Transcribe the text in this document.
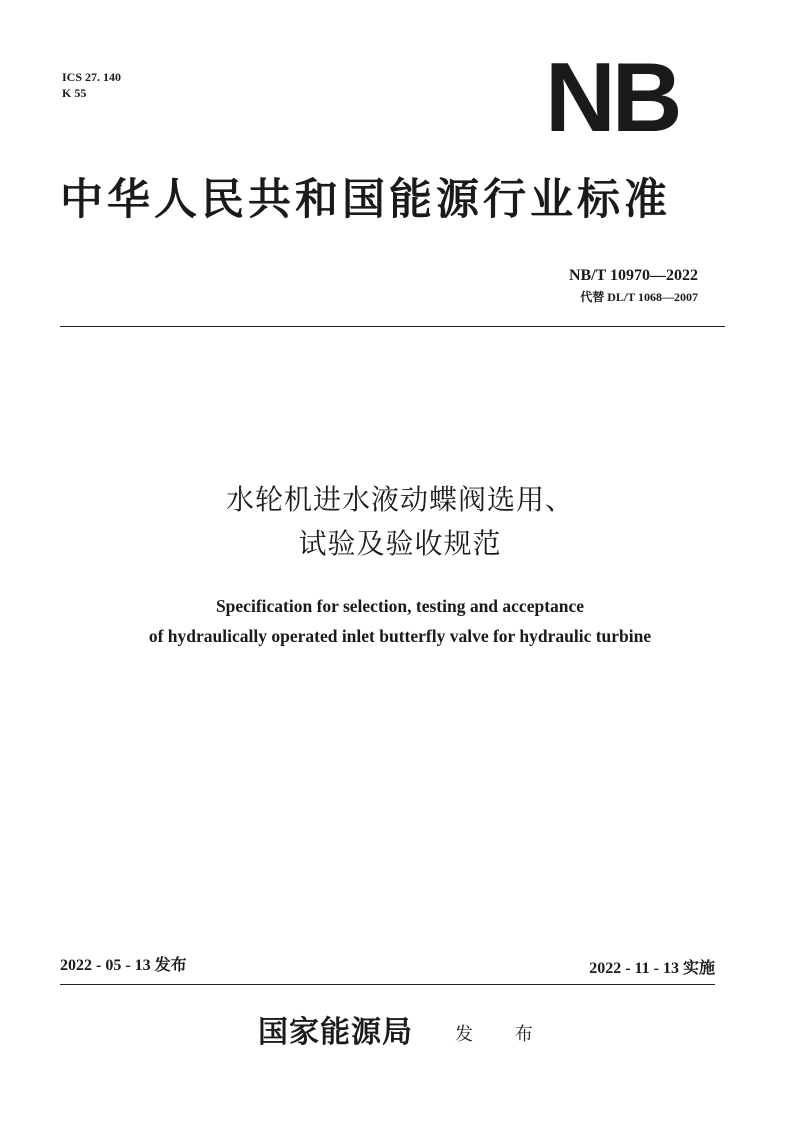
ICS 27. 140
K 55	NB
中华人民共和国能源行业标准
NB/T 10970—2022
代替 DL/T 1068—2007
水轮机进水液动蝶阀选用、
试验及验收规范
Specification for selection, testing and acceptance
of hydraulically operated inlet butterfly valve for hydraulic turbine
2022 - 05 - 13 发布	2022 - 11 - 13 实施
国家能源局 发 布
